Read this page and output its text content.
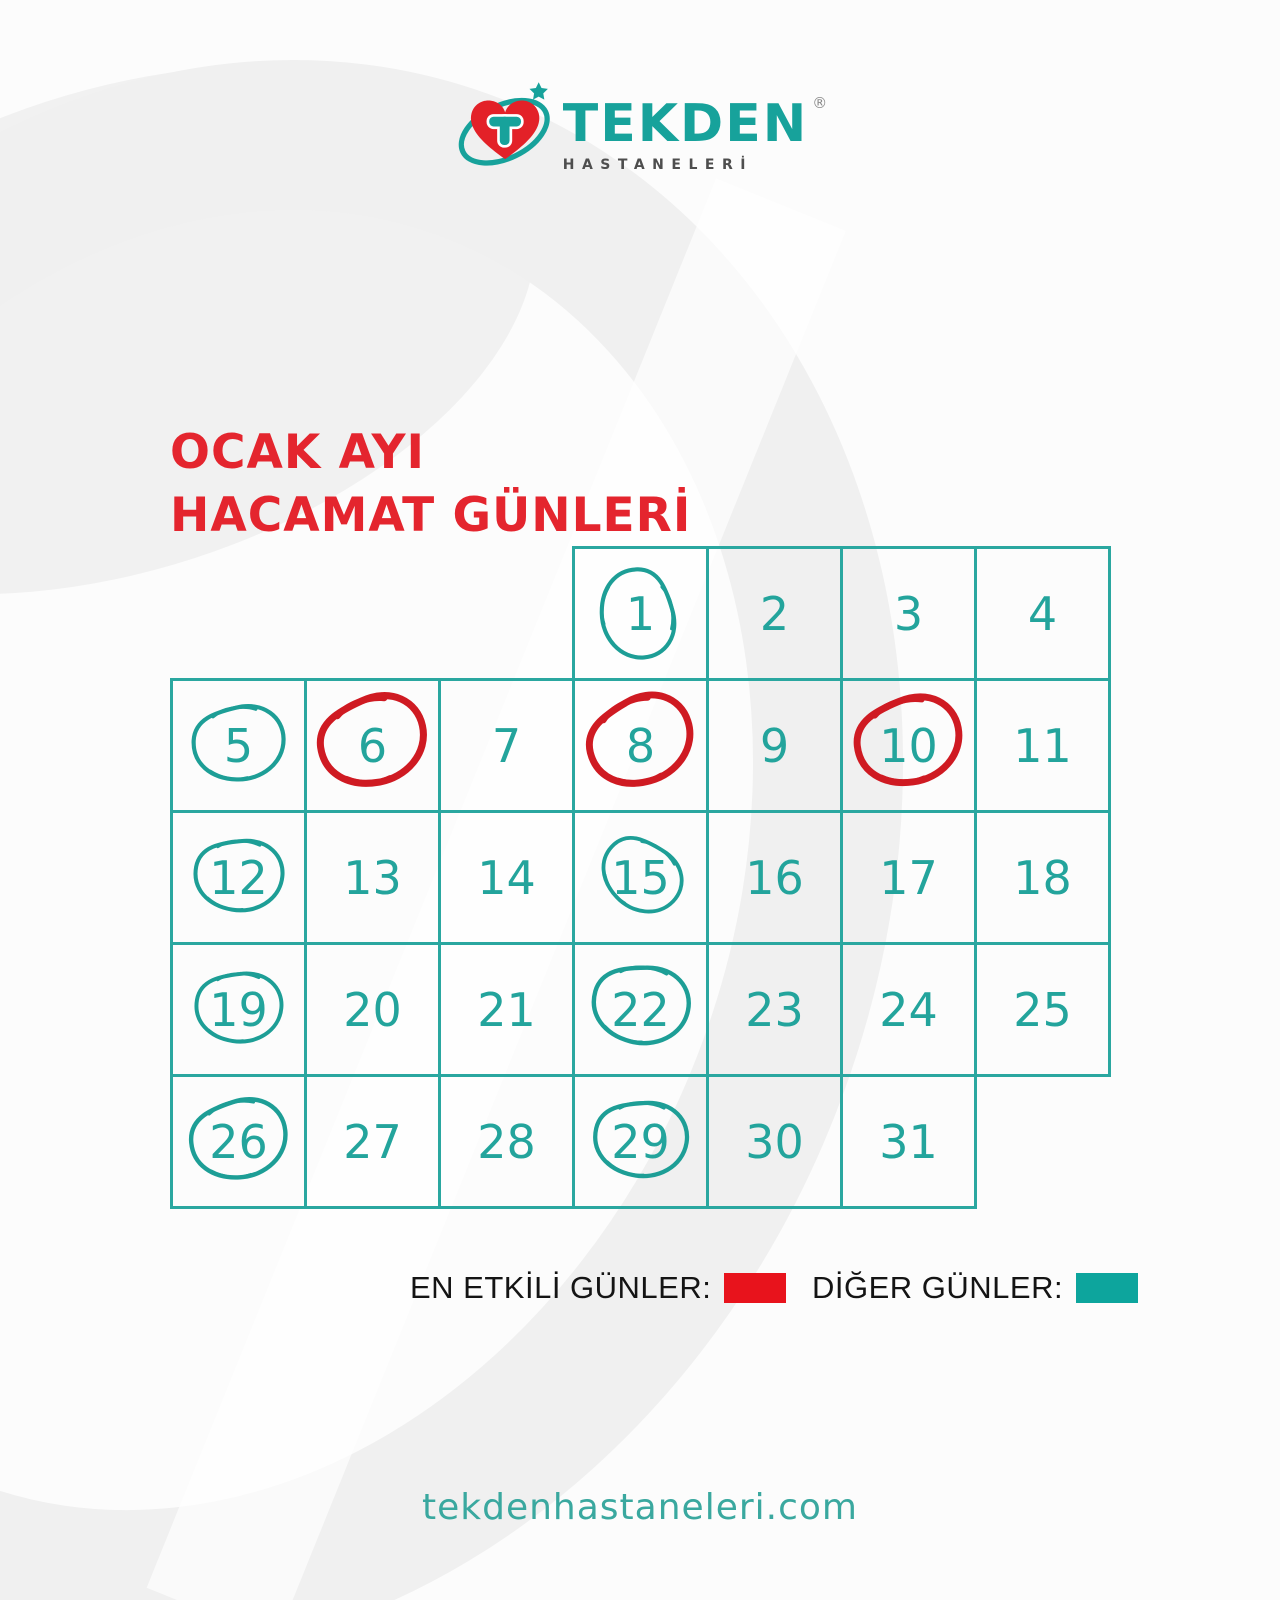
TEKDEN ®
HASTANELERİ
OCAK AYI
HACAMAT GÜNLERİ
1 2 3 4
5 6 7 8 9 10 11
12 13 14 15 16 17 18
19 20 21 22 23 24 25
26 27 28 29 30 31
EN ETKİLİ GÜNLER:	DİĞER GÜNLER:
tekdenhastaneleri.com
